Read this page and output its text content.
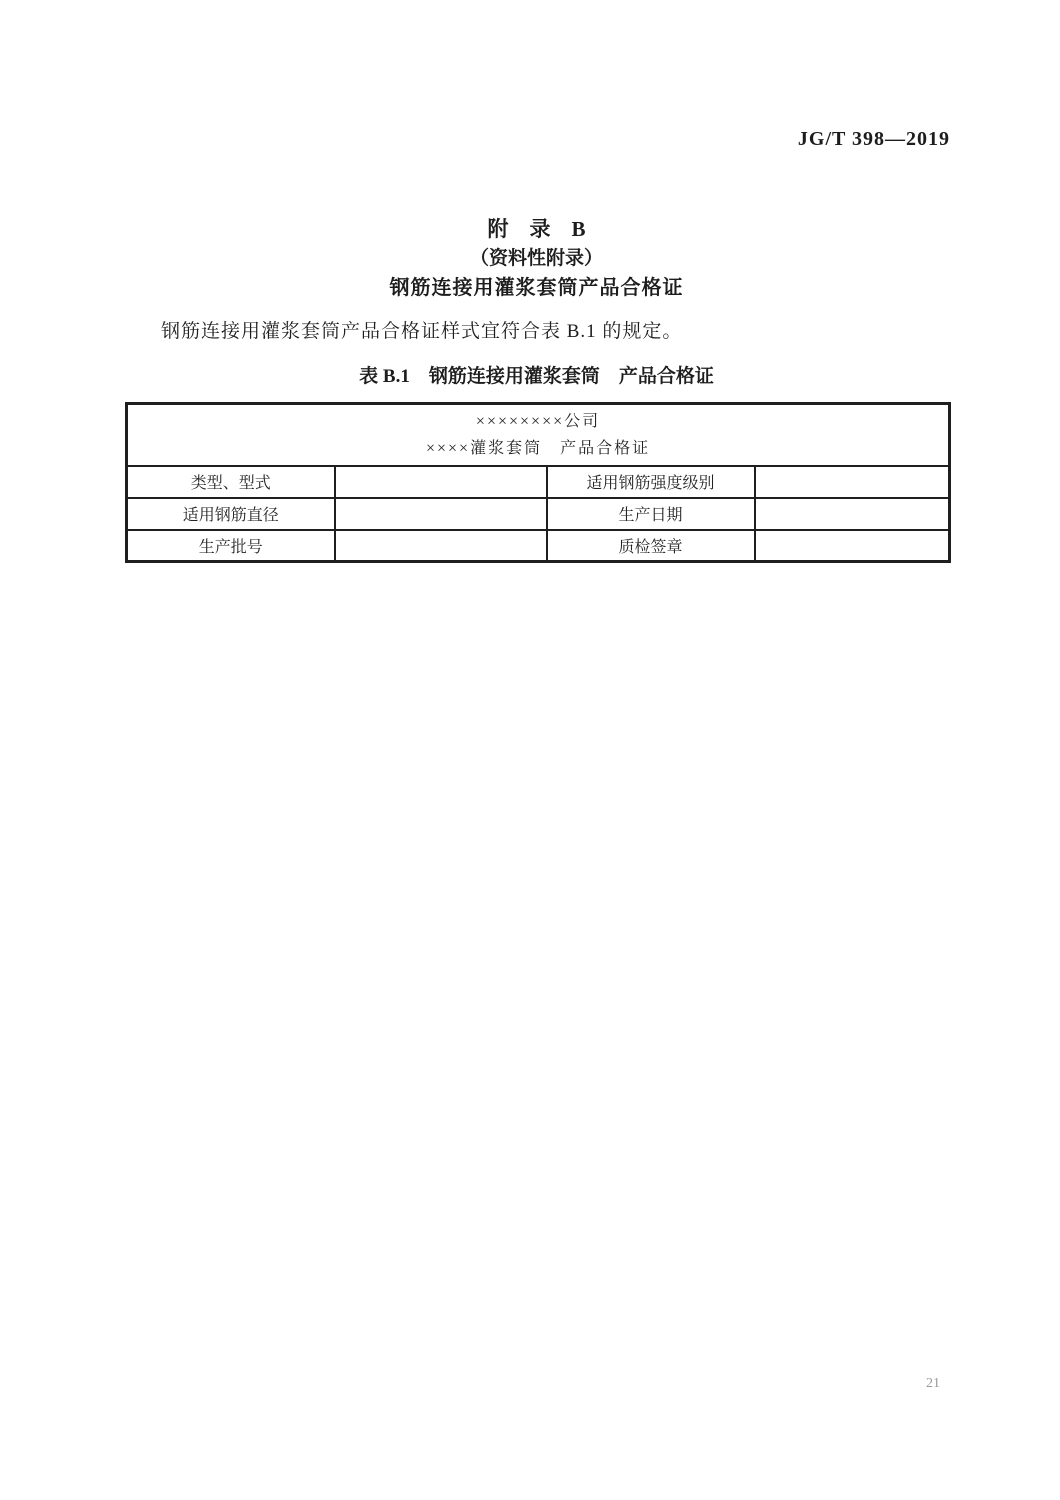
JG/T 398—2019
附　录　B
（资料性附录）
钢筋连接用灌浆套筒产品合格证
钢筋连接用灌浆套筒产品合格证样式宜符合表 B.1 的规定。
表 B.1　钢筋连接用灌浆套筒　产品合格证
××××××××公司
××××灌浆套筒　产品合格证			

类型、型式		适用钢筋强度级别	
适用钢筋直径		生产日期	
生产批号		质检签章	
21
